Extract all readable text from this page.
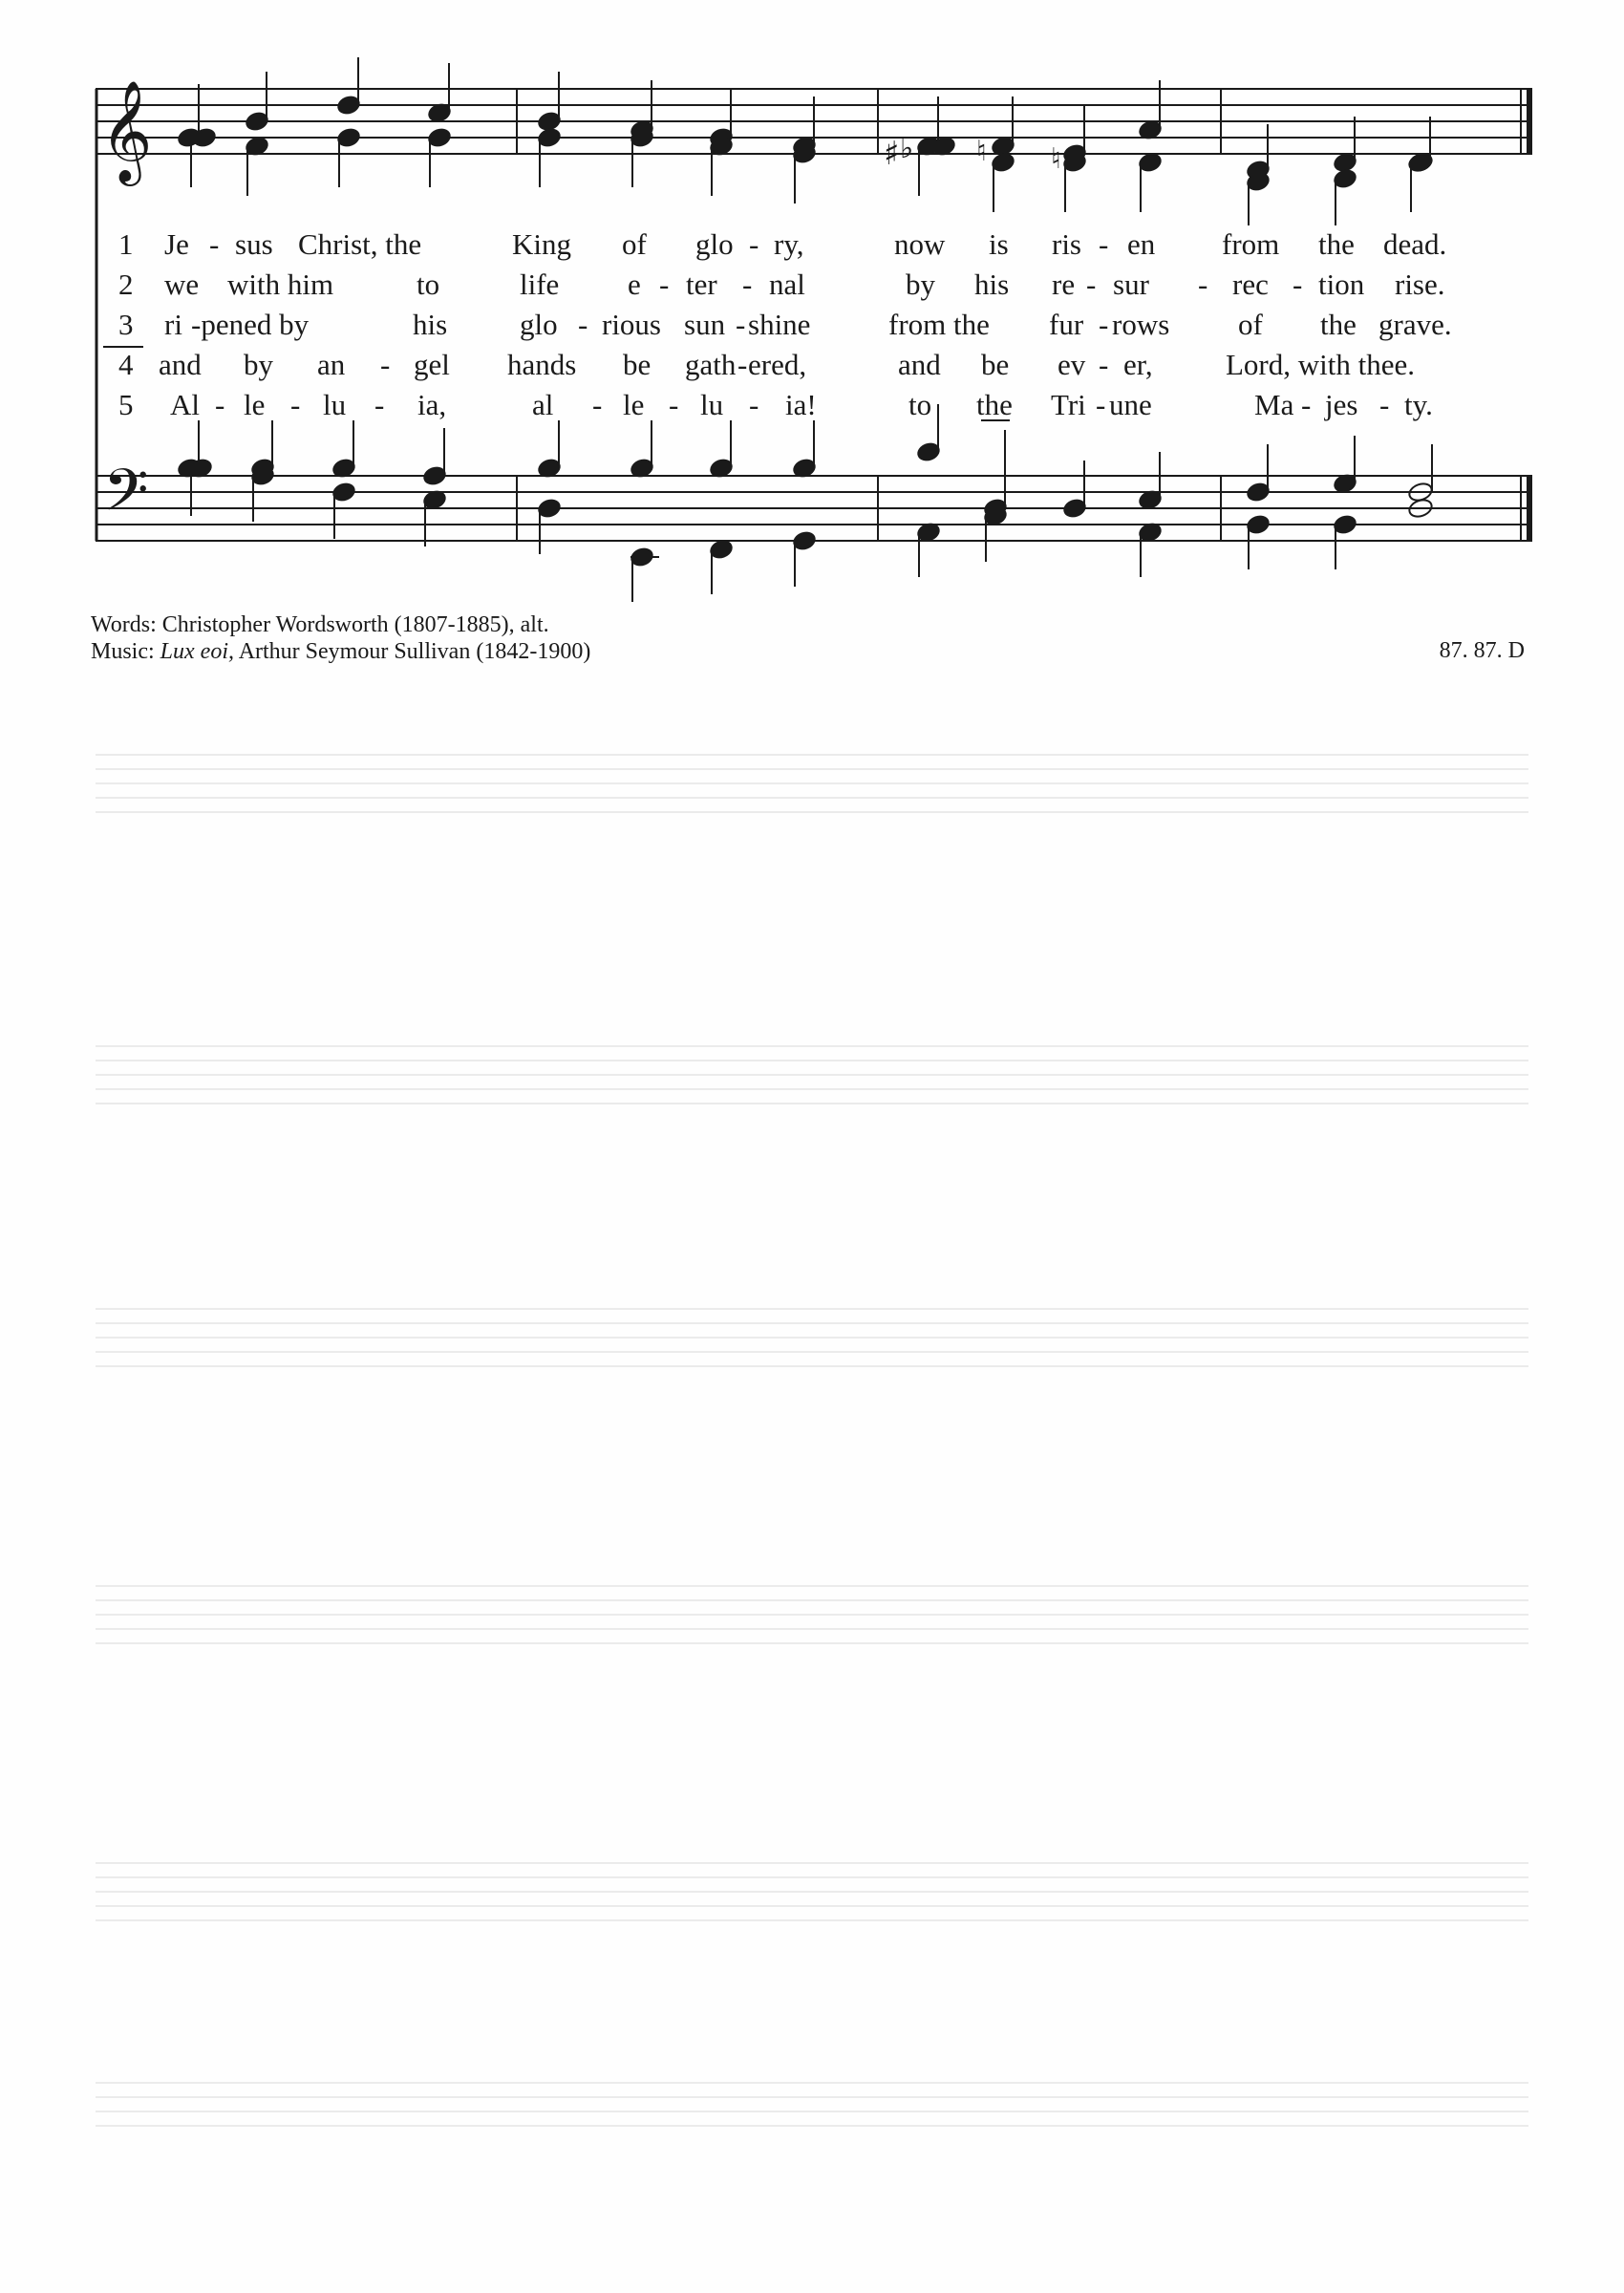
𝄞
𝄢
♯ ♭ ♮ ♮
1 Je - sus Christ, the	King of glo - ry,	now is ris - en from the dead.
2 we with him	to	life e - ter - nal	by his re - sur - rec - tion rise.
3 ri -pened by	his glo - rious sun - shine	from the fur - rows of the grave.
4 and by an - gel hands be gath - ered,	and be ev - er, Lord, with thee.
5 Al - le - lu - ia,	al - le - lu - ia!	to the Tri - une	Ma - jes - ty.
Words: Christopher Wordsworth (1807-1885), alt.
Music: Lux eoi, Arthur Seymour Sullivan (1842-1900)	87. 87. D
